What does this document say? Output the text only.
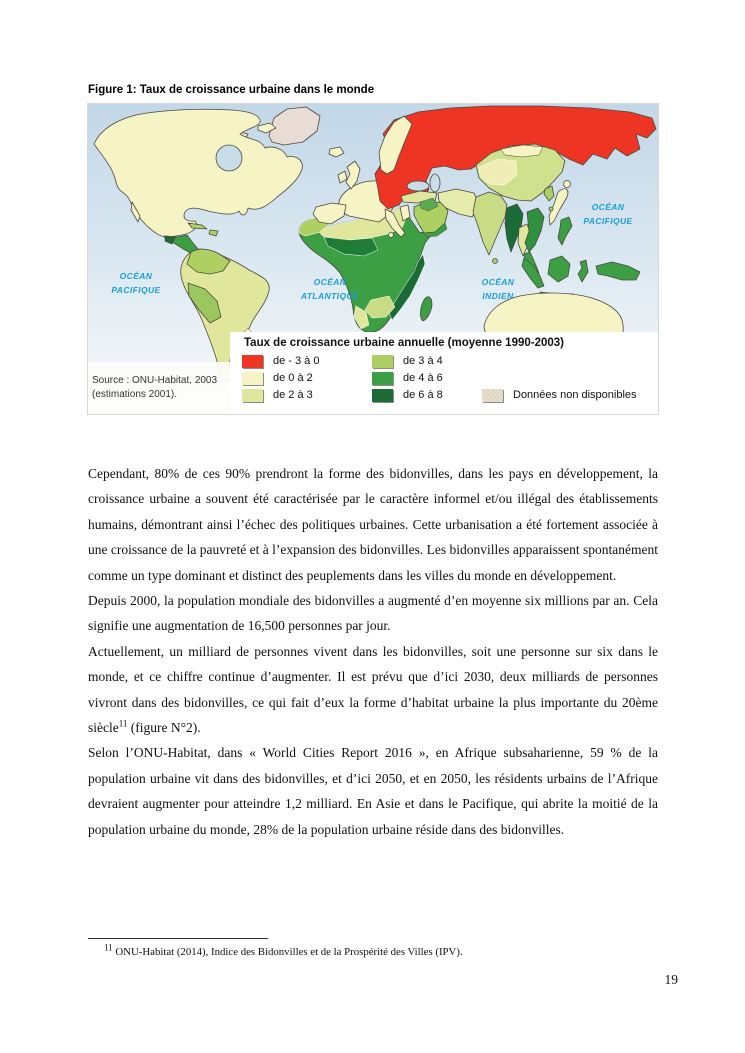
Figure 1: Taux de croissance urbaine dans le monde
OCÉAN
PACIFIQUE
OCÉAN
ATLANTIQUE
OCÉAN
INDIEN
OCÉAN
PACIFIQUE
Source : ONU-Habitat, 2003
(estimations 2001).
Taux de croissance urbaine annuelle (moyenne 1990-2003)
de - 3 à 0
de 0 à 2
de 2 à 3
de 3 à 4
de 4 à 6
de 6 à 8	Données non disponibles

Cependant, 80% de ces 90% prendront la forme des bidonvilles, dans les pays en développement, la croissance urbaine a souvent été caractérisée par le caractère informel et/ou illégal des établissements humains, démontrant ainsi l’échec des politiques urbaines. Cette urbanisation a été fortement associée à une croissance de la pauvreté et à l’expansion des bidonvilles. Les bidonvilles apparaissent spontanément comme un type dominant et distinct des peuplements dans les villes du monde en développement.

Depuis 2000, la population mondiale des bidonvilles a augmenté d’en moyenne six millions par an. Cela signifie une augmentation de 16,500 personnes par jour.

Actuellement, un milliard de personnes vivent dans les bidonvilles, soit une personne sur six dans le monde, et ce chiffre continue d’augmenter. Il est prévu que d’ici 2030, deux milliards de personnes vivront dans des bidonvilles, ce qui fait d’eux la forme d’habitat urbaine la plus importante du 20ème siècle$^{11}$ (figure N°2).

Selon l’ONU-Habitat, dans « World Cities Report 2016 », en Afrique subsaharienne, 59 % de la population urbaine vit dans des bidonvilles, et d’ici 2050, et en 2050, les résidents urbains de l’Afrique devraient augmenter pour atteindre 1,2 milliard. En Asie et dans le Pacifique, qui abrite la moitié de la population urbaine du monde, 28% de la population urbaine réside dans des bidonvilles.

$^{11}$ ONU-Habitat (2014), Indice des Bidonvilles et de la Prospérité des Villes (IPV).
19
